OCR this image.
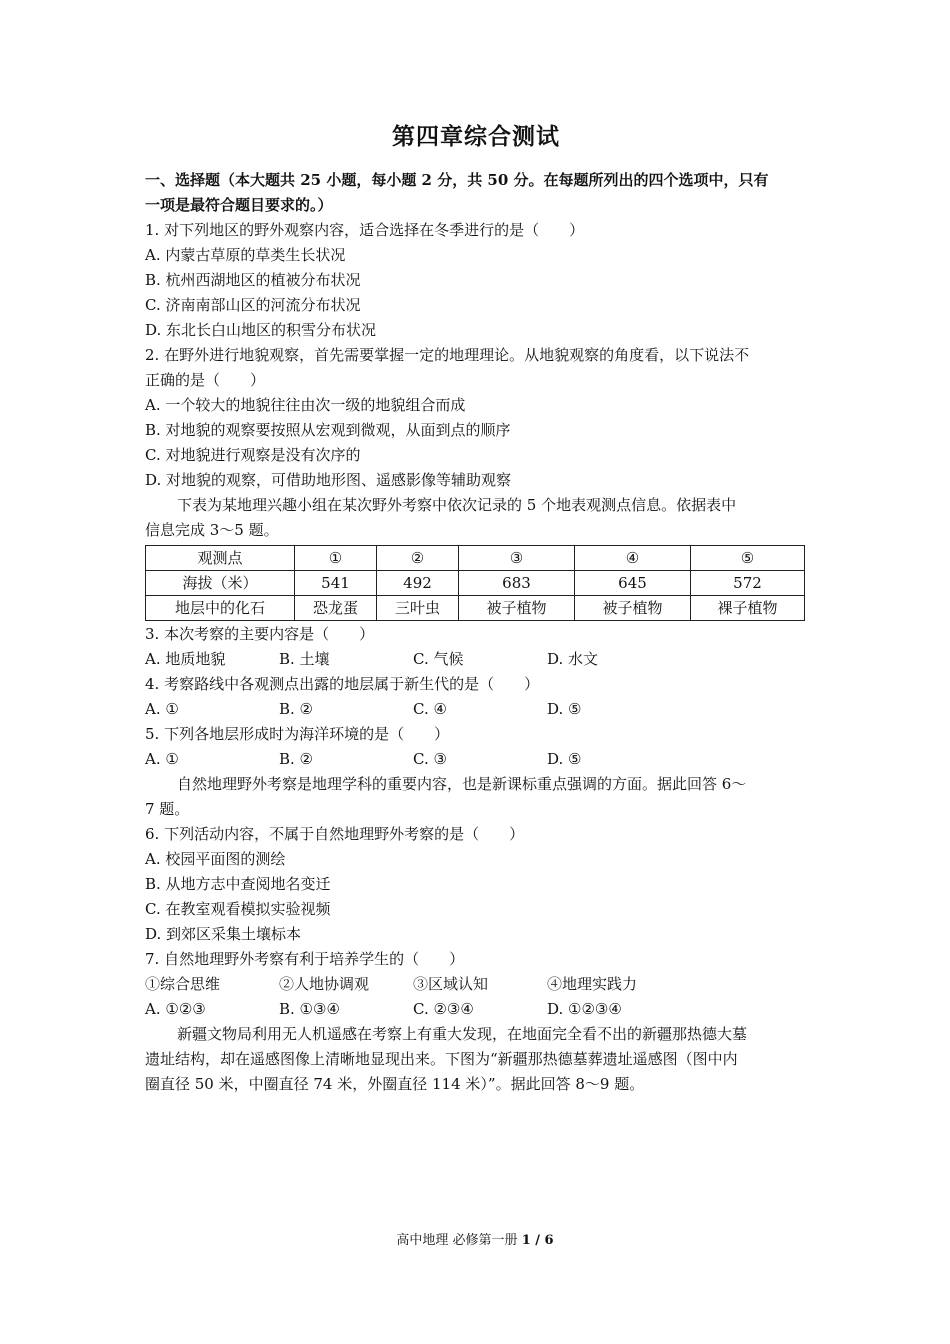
第四章综合测试
一、选择题（本大题共 25 小题，每小题 2 分，共 50 分。在每题所列出的四个选项中，只有
一项是最符合题目要求的。）
1. 对下列地区的野外观察内容，适合选择在冬季进行的是（　　）
A. 内蒙古草原的草类生长状况
B. 杭州西湖地区的植被分布状况
C. 济南南部山区的河流分布状况
D. 东北长白山地区的积雪分布状况
2. 在野外进行地貌观察，首先需要掌握一定的地理理论。从地貌观察的角度看，以下说法不
正确的是（　　）
A. 一个较大的地貌往往由次一级的地貌组合而成
B. 对地貌的观察要按照从宏观到微观，从面到点的顺序
C. 对地貌进行观察是没有次序的
D. 对地貌的观察，可借助地形图、遥感影像等辅助观察
下表为某地理兴趣小组在某次野外考察中依次记录的 5 个地表观测点信息。依据表中
信息完成 3～5 题。
观测点	①	②	③	④	⑤
海拔（米）	541	492	683	645	572
地层中的化石	恐龙蛋	三叶虫	被子植物	被子植物	裸子植物
3. 本次考察的主要内容是（　　）
A. 地质地貌	B. 土壤	C. 气候	D. 水文
4. 考察路线中各观测点出露的地层属于新生代的是（　　）
A. ①	B. ②	C. ④	D. ⑤
5. 下列各地层形成时为海洋环境的是（　　）
A. ①	B. ②	C. ③	D. ⑤
自然地理野外考察是地理学科的重要内容，也是新课标重点强调的方面。据此回答 6～
7 题。
6. 下列活动内容，不属于自然地理野外考察的是（　　）
A. 校园平面图的测绘
B. 从地方志中查阅地名变迁
C. 在教室观看模拟实验视频
D. 到郊区采集土壤标本
7. 自然地理野外考察有利于培养学生的（　　）
①综合思维	②人地协调观	③区域认知	④地理实践力
A. ①②③	B. ①③④	C. ②③④	D. ①②③④
新疆文物局利用无人机遥感在考察上有重大发现，在地面完全看不出的新疆那热德大墓
遗址结构，却在遥感图像上清晰地显现出来。下图为“新疆那热德墓葬遗址遥感图（图中内
圈直径 50 米，中圈直径 74 米，外圈直径 114 米）”。据此回答 8～9 题。
高中地理 必修第一册 1 / 6
